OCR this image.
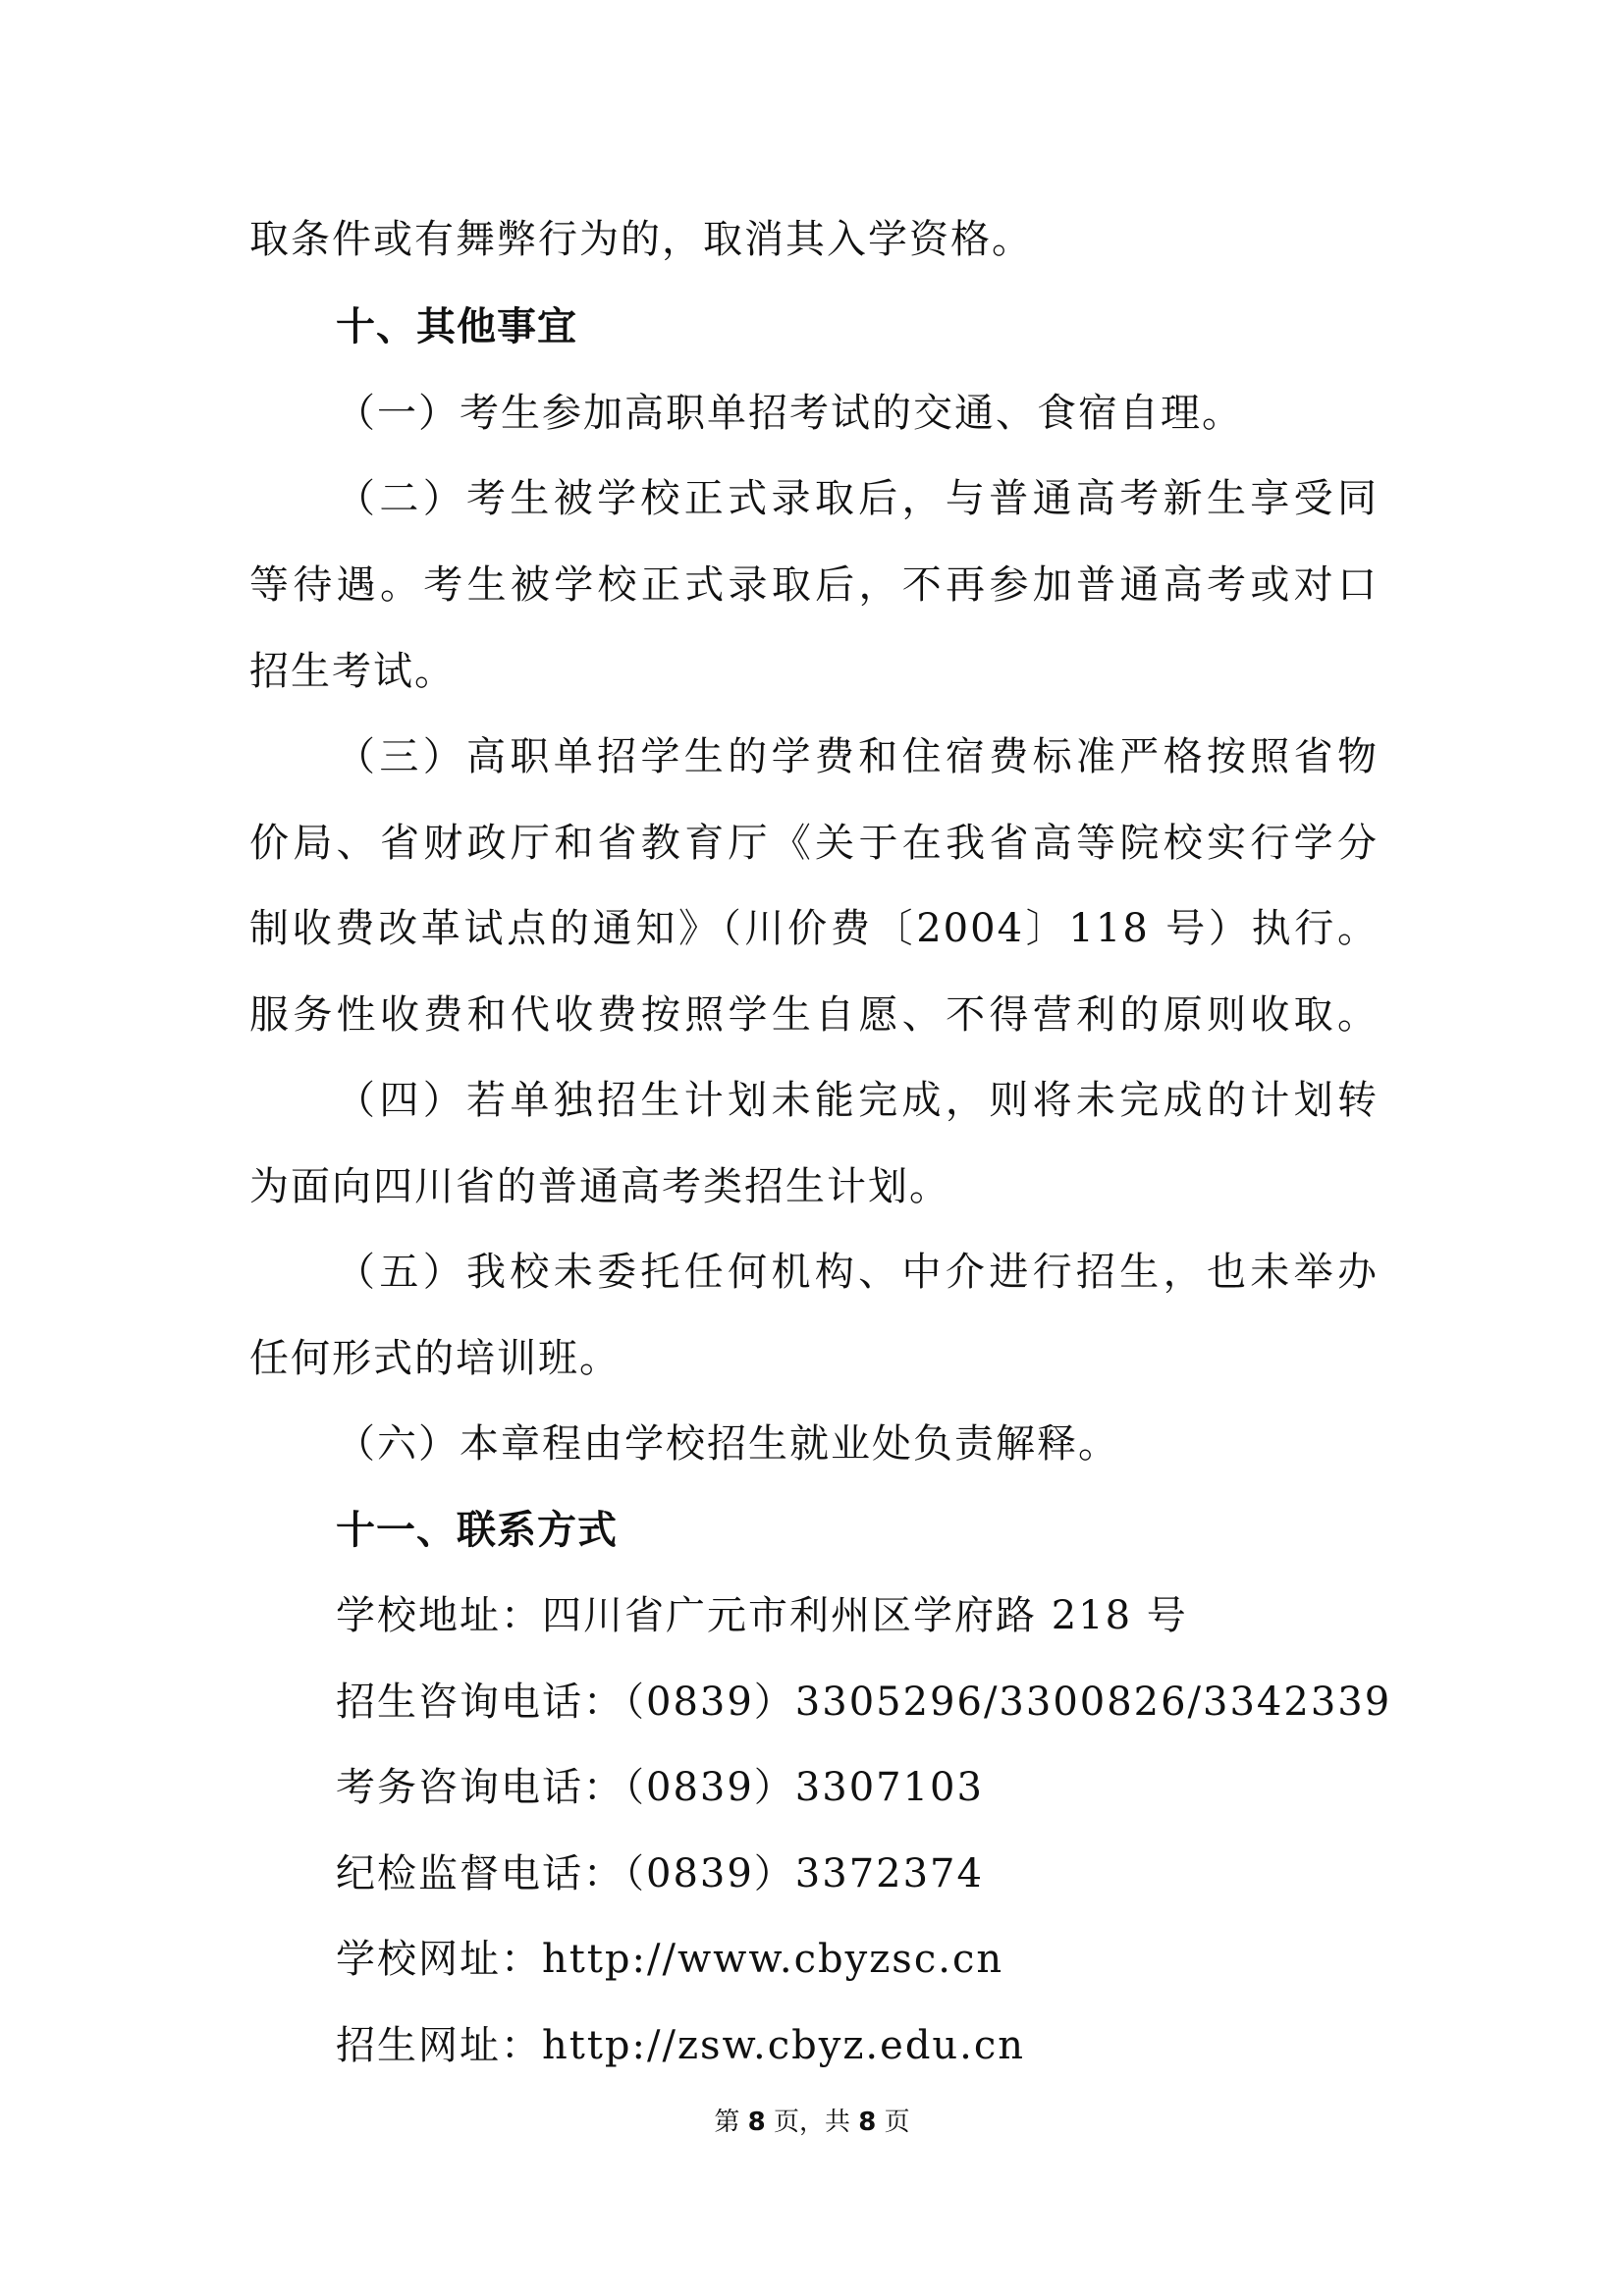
取条件或有舞弊行为的，取消其入学资格。
十、其他事宜
（一）考生参加高职单招考试的交通、食宿自理。
（二）考生被学校正式录取后，与普通高考新生享受同
等待遇。考生被学校正式录取后，不再参加普通高考或对口
招生考试。
（三）高职单招学生的学费和住宿费标准严格按照省物
价局、省财政厅和省教育厅《关于在我省高等院校实行学分
制收费改革试点的通知》（川价费〔2004〕118 号）执行。
服务性收费和代收费按照学生自愿、不得营利的原则收取。
（四）若单独招生计划未能完成，则将未完成的计划转
为面向四川省的普通高考类招生计划。
（五）我校未委托任何机构、中介进行招生，也未举办
任何形式的培训班。
（六）本章程由学校招生就业处负责解释。
十一、联系方式
学校地址：四川省广元市利州区学府路 218 号
招生咨询电话：（0839）3305296/3300826/3342339
考务咨询电话：（0839）3307103
纪检监督电话：（0839）3372374
学校网址：http://www.cbyzsc.cn
招生网址：http://zsw.cbyz.edu.cn
第 8 页，共 8 页
